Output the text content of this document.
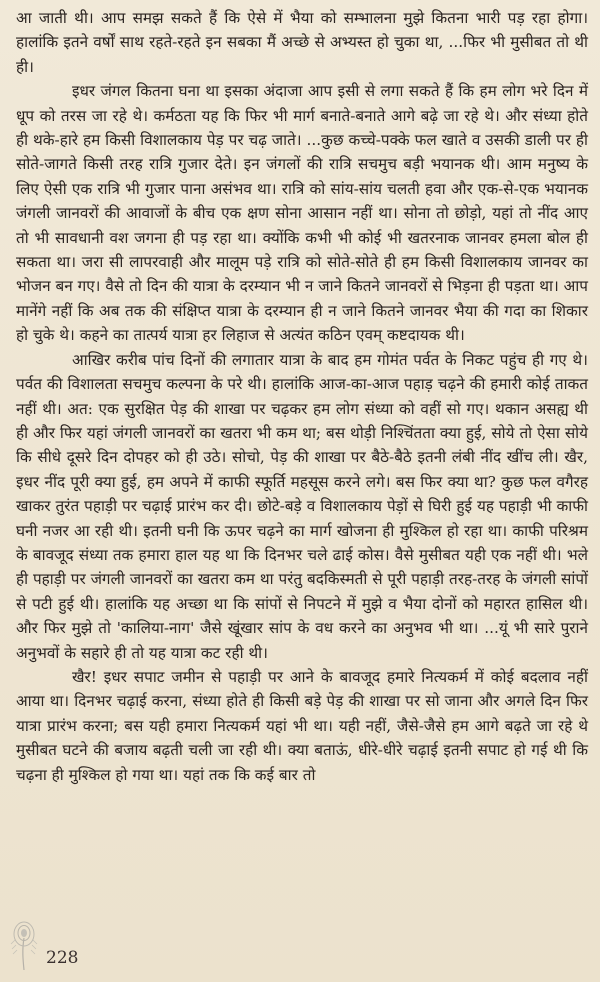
आ जाती थी। आप समझ सकते हैं कि ऐसे में भैया को सम्भालना मुझे कितना भारी पड़ रहा होगा। हालांकि इतने वर्षों साथ रहते-रहते इन सबका मैं अच्छे से अभ्यस्त हो चुका था, ...फिर भी मुसीबत तो थी ही।

इधर जंगल कितना घना था इसका अंदाजा आप इसी से लगा सकते हैं कि हम लोग भरे दिन में धूप को तरस जा रहे थे। कर्मठता यह कि फिर भी मार्ग बनाते-बनाते आगे बढ़े जा रहे थे। और संध्या होते ही थके-हारे हम किसी विशालकाय पेड़ पर चढ़ जाते। ...कुछ कच्चे-पक्के फल खाते व उसकी डाली पर ही सोते-जागते किसी तरह रात्रि गुजार देते। इन जंगलों की रात्रि सचमुच बड़ी भयानक थी। आम मनुष्य के लिए ऐसी एक रात्रि भी गुजार पाना असंभव था। रात्रि को सांय-सांय चलती हवा और एक-से-एक भयानक जंगली जानवरों की आवाजों के बीच एक क्षण सोना आसान नहीं था। सोना तो छोड़ो, यहां तो नींद आए तो भी सावधानी वश जगना ही पड़ रहा था। क्योंकि कभी भी कोई भी खतरनाक जानवर हमला बोल ही सकता था। जरा सी लापरवाही और मालूम पड़े रात्रि को सोते-सोते ही हम किसी विशालकाय जानवर का भोजन बन गए। वैसे तो दिन की यात्रा के दरम्यान भी न जाने कितने जानवरों से भिड़ना ही पड़ता था। आप मानेंगे नहीं कि अब तक की संक्षिप्त यात्रा के दरम्यान ही न जाने कितने जानवर भैया की गदा का शिकार हो चुके थे। कहने का तात्पर्य यात्रा हर लिहाज से अत्यंत कठिन एवम् कष्टदायक थी।

आखिर करीब पांच दिनों की लगातार यात्रा के बाद हम गोमंत पर्वत के निकट पहुंच ही गए थे। पर्वत की विशालता सचमुच कल्पना के परे थी। हालांकि आज-का-आज पहाड़ चढ़ने की हमारी कोई ताकत नहीं थी। अत: एक सुरक्षित पेड़ की शाखा पर चढ़कर हम लोग संध्या को वहीं सो गए। थकान असह्य थी ही और फिर यहां जंगली जानवरों का खतरा भी कम था; बस थोड़ी निश्चिंतता क्या हुई, सोये तो ऐसा सोये कि सीधे दूसरे दिन दोपहर को ही उठे। सोचो, पेड़ की शाखा पर बैठे-बैठे इतनी लंबी नींद खींच ली। खैर, इधर नींद पूरी क्या हुई, हम अपने में काफी स्फूर्ति महसूस करने लगे। बस फिर क्या था? कुछ फल वगैरह खाकर तुरंत पहाड़ी पर चढ़ाई प्रारंभ कर दी। छोटे-बड़े व विशालकाय पेड़ों से घिरी हुई यह पहाड़ी भी काफी घनी नजर आ रही थी। इतनी घनी कि ऊपर चढ़ने का मार्ग खोजना ही मुश्किल हो रहा था। काफी परिश्रम के बावजूद संध्या तक हमारा हाल यह था कि दिनभर चले ढाई कोस। वैसे मुसीबत यही एक नहीं थी। भले ही पहाड़ी पर जंगली जानवरों का खतरा कम था परंतु बदकिस्मती से पूरी पहाड़ी तरह-तरह के जंगली सांपों से पटी हुई थी। हालांकि यह अच्छा था कि सांपों से निपटने में मुझे व भैया दोनों को महारत हासिल थी। और फिर मुझे तो 'कालिया-नाग' जैसे खूंखार सांप के वध करने का अनुभव भी था। ...यूं भी सारे पुराने अनुभवों के सहारे ही तो यह यात्रा कट रही थी।

खैर! इधर सपाट जमीन से पहाड़ी पर आने के बावजूद हमारे नित्यकर्म में कोई बदलाव नहीं आया था। दिनभर चढ़ाई करना, संध्या होते ही किसी बड़े पेड़ की शाखा पर सो जाना और अगले दिन फिर यात्रा प्रारंभ करना; बस यही हमारा नित्यकर्म यहां भी था। यही नहीं, जैसे-जैसे हम आगे बढ़ते जा रहे थे मुसीबत घटने की बजाय बढ़ती चली जा रही थी। क्या बताऊं, धीरे-धीरे चढ़ाई इतनी सपाट हो गई थी कि चढ़ना ही मुश्किल हो गया था। यहां तक कि कई बार तो

228
